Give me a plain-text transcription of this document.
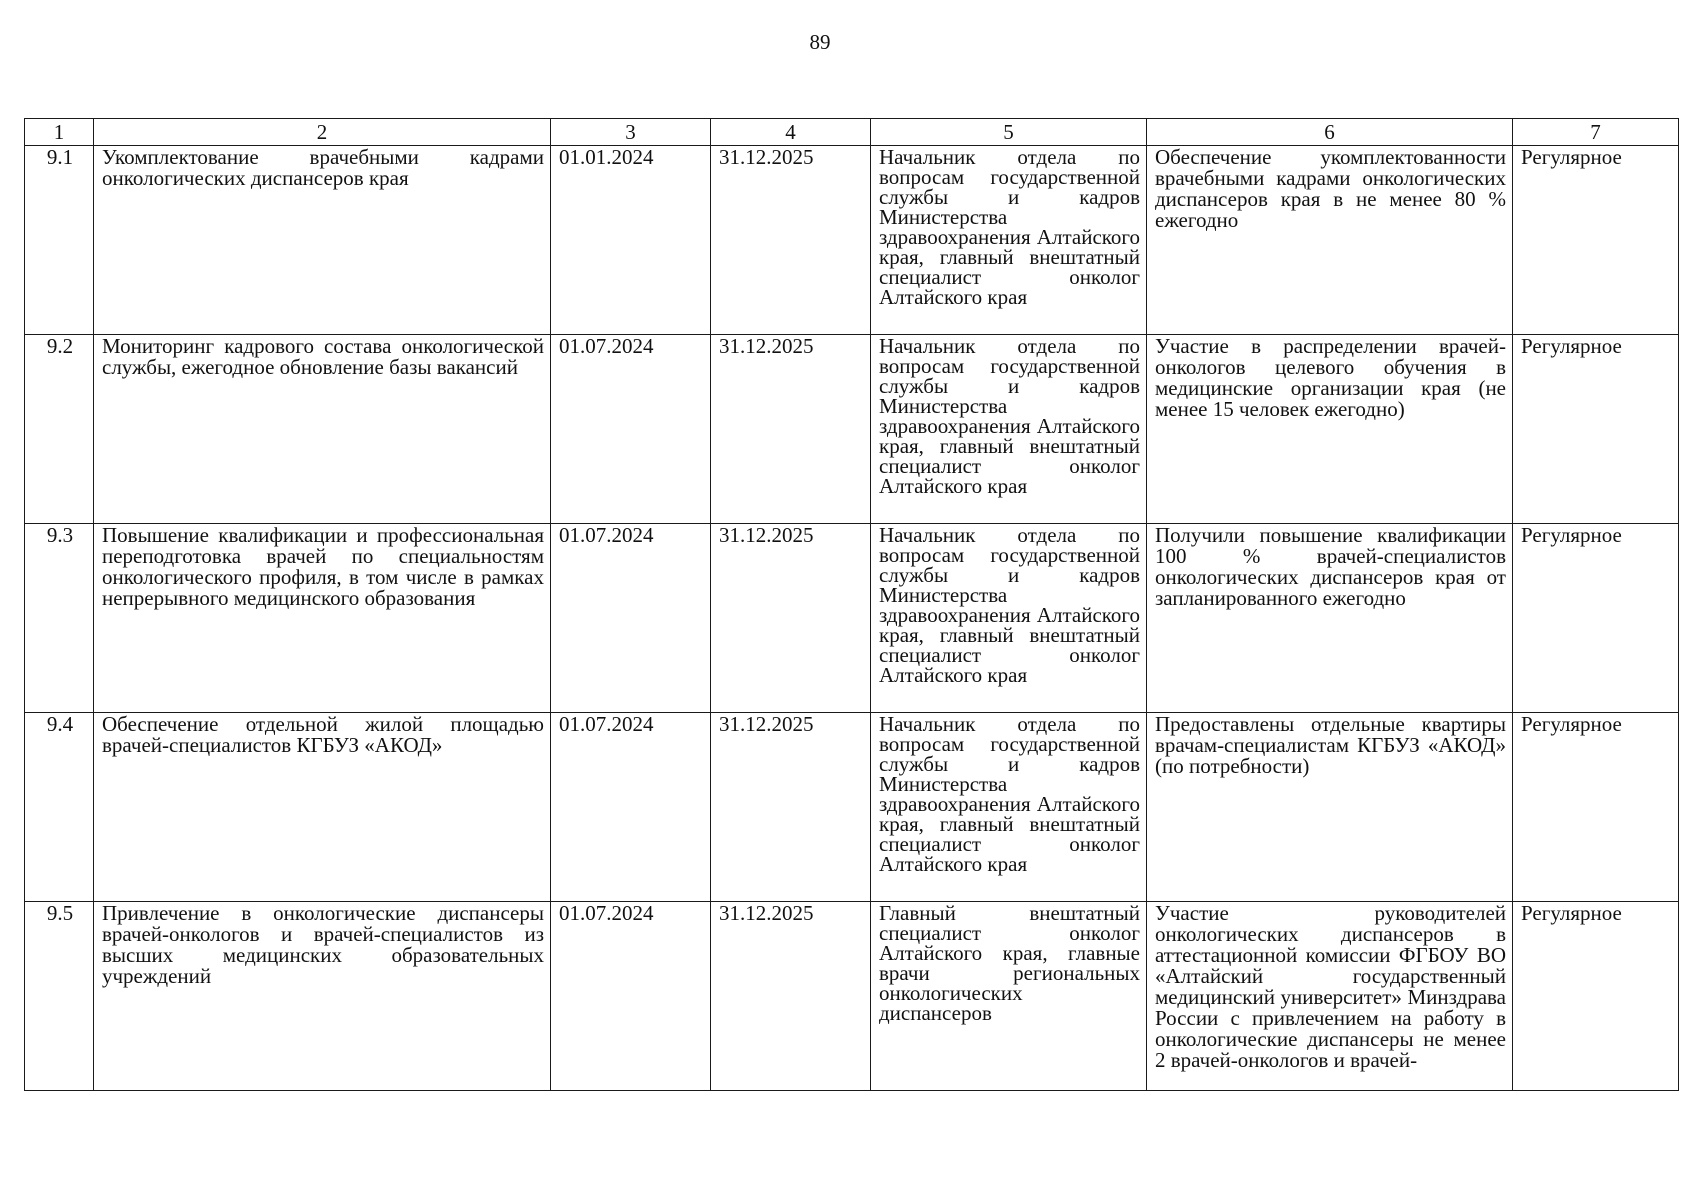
89
1	2	3	4	5	6	7
9.1	Укомплектование врачебными кадрами онкологических диспансеров края	01.01.2024	31.12.2025	Начальник отдела по вопросам государственной службы и кадров Министерства здравоохранения Алтайского края, главный внештатный специалист онколог Алтайского края	Обеспечение укомплектованности врачебными кадрами онкологических диспансеров края в не менее 80 % ежегодно	Регулярное
9.2	Мониторинг кадрового состава онкологической службы, ежегодное обновление базы вакансий	01.07.2024	31.12.2025	Начальник отдела по вопросам государственной службы и кадров Министерства здравоохранения Алтайского края, главный внештатный специалист онколог Алтайского края	Участие в распределении врачей-онкологов целевого обучения в медицинские организации края (не менее 15 человек ежегодно)	Регулярное
9.3	Повышение квалификации и профессиональная переподготовка врачей по специальностям онкологического профиля, в том числе в рамках непрерывного медицинского образования	01.07.2024	31.12.2025	Начальник отдела по вопросам государственной службы и кадров Министерства здравоохранения Алтайского края, главный внештатный специалист онколог Алтайского края	Получили повышение квалификации 100 % врачей-специалистов онкологических диспансеров края от запланированного ежегодно	Регулярное
9.4	Обеспечение отдельной жилой площадью врачей-специалистов КГБУЗ «АКОД»	01.07.2024	31.12.2025	Начальник отдела по вопросам государственной службы и кадров Министерства здравоохранения Алтайского края, главный внештатный специалист онколог Алтайского края	Предоставлены отдельные квартиры врачам-специалистам КГБУЗ «АКОД» (по потребности)	Регулярное
9.5	Привлечение в онкологические диспансеры врачей-онкологов и врачей-специалистов из высших медицинских образовательных учреждений	01.07.2024	31.12.2025	Главный внештатный специалист онколог Алтайского края, главные врачи региональных онкологических диспансеров	Участие руководителей онкологических диспансеров в аттестационной комиссии ФГБОУ ВО «Алтайский государственный медицинский университет» Минздрава России с привлечением на работу в онкологические диспансеры не менее 2 врачей-онкологов и врачей-	Регулярное
